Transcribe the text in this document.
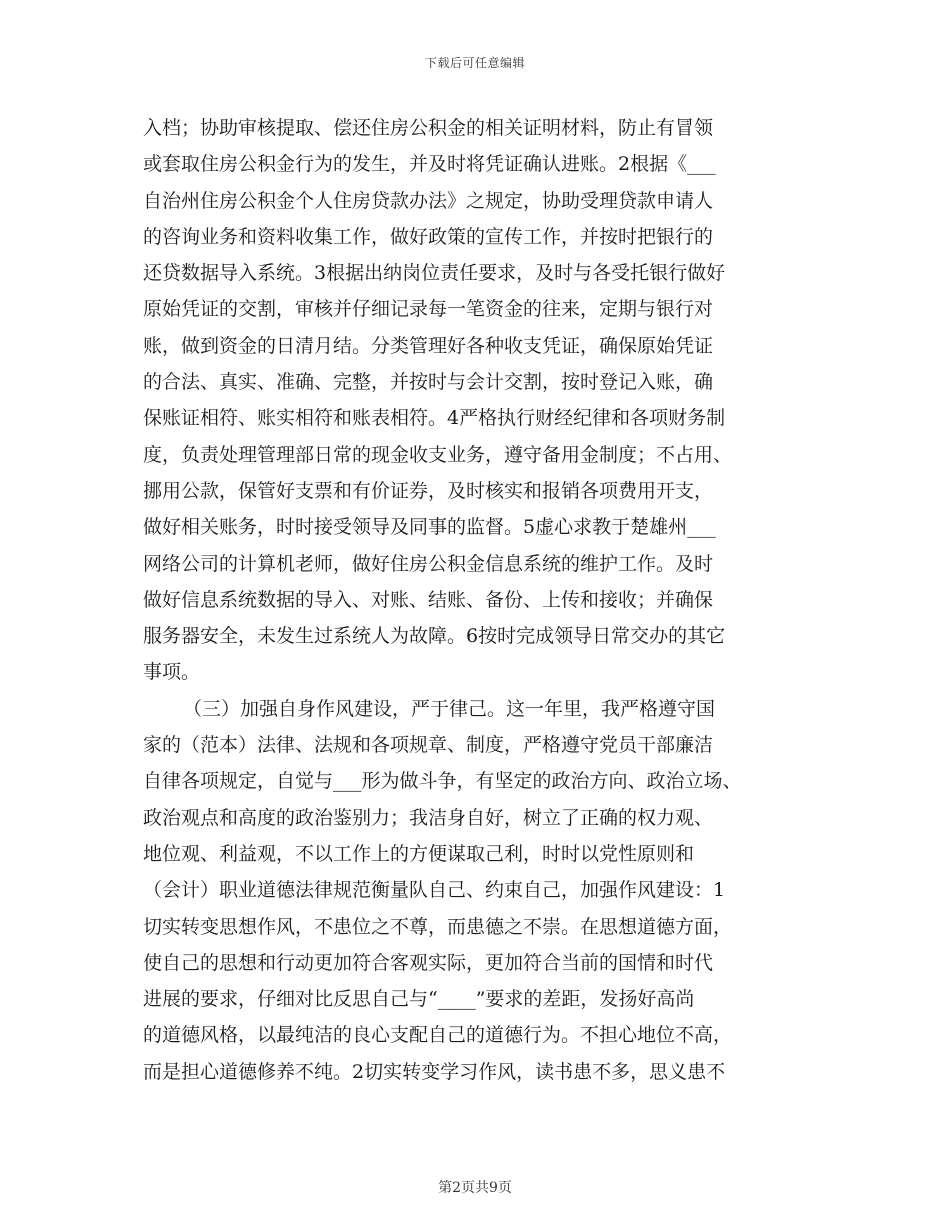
下载后可任意编辑
入档；协助审核提取、偿还住房公积金的相关证明材料，防止有冒领
或套取住房公积金行为的发生，并及时将凭证确认进账。2根据《___
自治州住房公积金个人住房贷款办法》之规定，协助受理贷款申请人
的咨询业务和资料收集工作，做好政策的宣传工作，并按时把银行的
还贷数据导入系统。3根据出纳岗位责任要求，及时与各受托银行做好
原始凭证的交割，审核并仔细记录每一笔资金的往来，定期与银行对
账，做到资金的日清月结。分类管理好各种收支凭证，确保原始凭证
的合法、真实、准确、完整，并按时与会计交割，按时登记入账，确
保账证相符、账实相符和账表相符。4严格执行财经纪律和各项财务制
度，负责处理管理部日常的现金收支业务，遵守备用金制度；不占用、
挪用公款，保管好支票和有价证券，及时核实和报销各项费用开支，
做好相关账务，时时接受领导及同事的监督。5虚心求教于楚雄州___
网络公司的计算机老师，做好住房公积金信息系统的维护工作。及时
做好信息系统数据的导入、对账、结账、备份、上传和接收；并确保
服务器安全，未发生过系统人为故障。6按时完成领导日常交办的其它
事项。
（三）加强自身作风建设，严于律己。这一年里，我严格遵守国
家的（范本）法律、法规和各项规章、制度，严格遵守党员干部廉洁
自律各项规定，自觉与___形为做斗争，有坚定的政治方向、政治立场、
政治观点和高度的政治鉴别力；我洁身自好，树立了正确的权力观、
地位观、利益观，不以工作上的方便谋取己利，时时以党性原则和
（会计）职业道德法律规范衡量队自己、约束自己，加强作风建设：1
切实转变思想作风，不患位之不尊，而患德之不崇。在思想道德方面，
使自己的思想和行动更加符合客观实际，更加符合当前的国情和时代
进展的要求，仔细对比反思自己与“____”要求的差距，发扬好高尚
的道德风格，以最纯洁的良心支配自己的道德行为。不担心地位不高，
而是担心道德修养不纯。2切实转变学习作风，读书患不多，思义患不
第2页共9页
